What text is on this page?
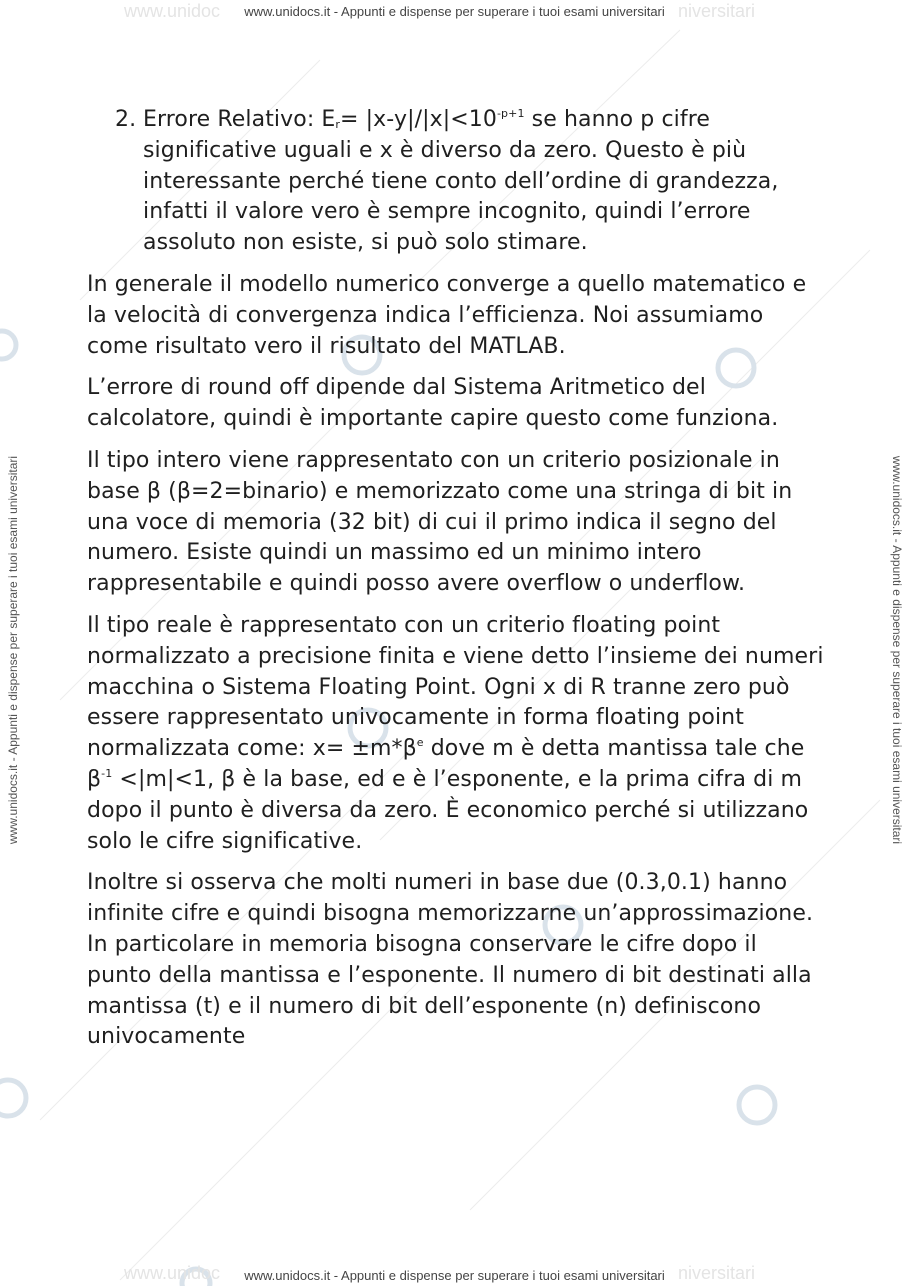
www.unidoc	niversitari
www.unidocs.it - Appunti e dispense per superare i tuoi esami universitari
www.unidoc	niversitari
www.unidocs.it - Appunti e dispense per superare i tuoi esami universitari
www.unidocs.it - Appunti e dispense per superare i tuoi esami universitari	www.unidocs.it - Appunti e dispense per superare i tuoi esami universitari
2. Errore Relativo: $E_r= |x-y|/|x|<10^{-p+1}$ se hanno p cifre significative uguali e x è diverso da zero. Questo è più interessante perché tiene conto dell’ordine di grandezza, infatti il valore vero è sempre incognito, quindi l’errore assoluto non esiste, si può solo stimare.

In generale il modello numerico converge a quello matematico e la velocità di convergenza indica l’efficienza. Noi assumiamo come risultato vero il risultato del MATLAB.

L’errore di round off dipende dal Sistema Aritmetico del calcolatore, quindi è importante capire questo come funziona.

Il tipo intero viene rappresentato con un criterio posizionale in base β (β=2=binario) e memorizzato come una stringa di bit in una voce di memoria (32 bit) di cui il primo indica il segno del numero. Esiste quindi un massimo ed un minimo intero rappresentabile e quindi posso avere overflow o underflow.

Il tipo reale è rappresentato con un criterio floating point normalizzato a precisione finita e viene detto l’insieme dei numeri macchina o Sistema Floating Point. Ogni x di R tranne zero può essere rappresentato univocamente in forma floating point normalizzata come: $x= \pm m*\beta^e$ dove m è detta mantissa tale che $\beta^{-1} <|m|<1$, β è la base, ed e è l’esponente, e la prima cifra di m dopo il punto è diversa da zero. È economico perché si utilizzano solo le cifre significative.

Inoltre si osserva che molti numeri in base due (0.3,0.1) hanno infinite cifre e quindi bisogna memorizzarne un’approssimazione. In particolare in memoria bisogna conservare le cifre dopo il punto della mantissa e l’esponente. Il numero di bit destinati alla mantissa (t) e il numero di bit dell’esponente (n) definiscono univocamente
